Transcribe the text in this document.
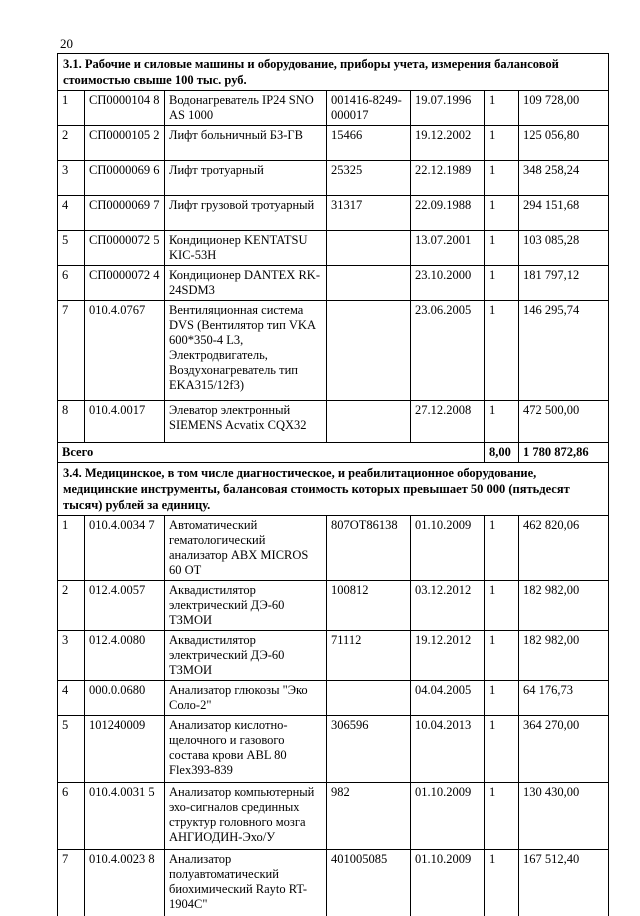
20
3.1. Рабочие и силовые машины и оборудование, приборы учета, измерения балансовой стоимостью свыше 100 тыс. руб.						
1	СП0000104 8	Водонагреватель IP24 SNO AS 1000	001416-8249-000017	19.07.1996	1	109 728,00
2	СП0000105 2	Лифт больничный БЗ-ГВ	15466	19.12.2002	1	125 056,80
3	СП0000069 6	Лифт тротуарный	25325	22.12.1989	1	348 258,24
4	СП0000069 7	Лифт грузовой тротуарный	31317	22.09.1988	1	294 151,68
5	СП0000072 5	Кондиционер KENTATSU KIC-53H		13.07.2001	1	103 085,28
6	СП0000072 4	Кондиционер DANTEX RK-24SDM3		23.10.2000	1	181 797,12
7	010.4.0767	Вентиляционная система DVS (Вентилятор тип VKA 600*350-4 L3, Электродвигатель, Воздухонагреватель тип EKA315/12f3)		23.06.2005	1	146 295,74
8	010.4.0017	Элеватор электронный SIEMENS Acvatix CQX32		27.12.2008	1	472 500,00
Всего					8,00	1 780 872,86
3.4. Медицинское, в том числе диагностическое, и реабилитационное оборудование, медицинские инструменты, балансовая стоимость которых превышает 50 000 (пятьдесят тысяч) рублей за единицу.						
1	010.4.0034 7	Автоматический гематологический анализатор ABX MICROS 60 OT	807OT86138	01.10.2009	1	462 820,06
2	012.4.0057	Аквадистилятор электрический ДЭ-60 ТЗМОИ	100812	03.12.2012	1	182 982,00
3	012.4.0080	Аквадистилятор электрический ДЭ-60 ТЗМОИ	71112	19.12.2012	1	182 982,00
4	000.0.0680	Анализатор глюкозы "Эко Соло-2"		04.04.2005	1	64 176,73
5	101240009	Анализатор кислотно-щелочного и газового состава крови ABL 80 Flex393-839	306596	10.04.2013	1	364 270,00
6	010.4.0031 5	Анализатор компьютерный эхо-сигналов срединных структур головного мозга АНГИОДИН-Эхо/У	982	01.10.2009	1	130 430,00
7	010.4.0023 8	Анализатор полуавтоматический биохимический Rayto RT-1904C"	401005085	01.10.2009	1	167 512,40
